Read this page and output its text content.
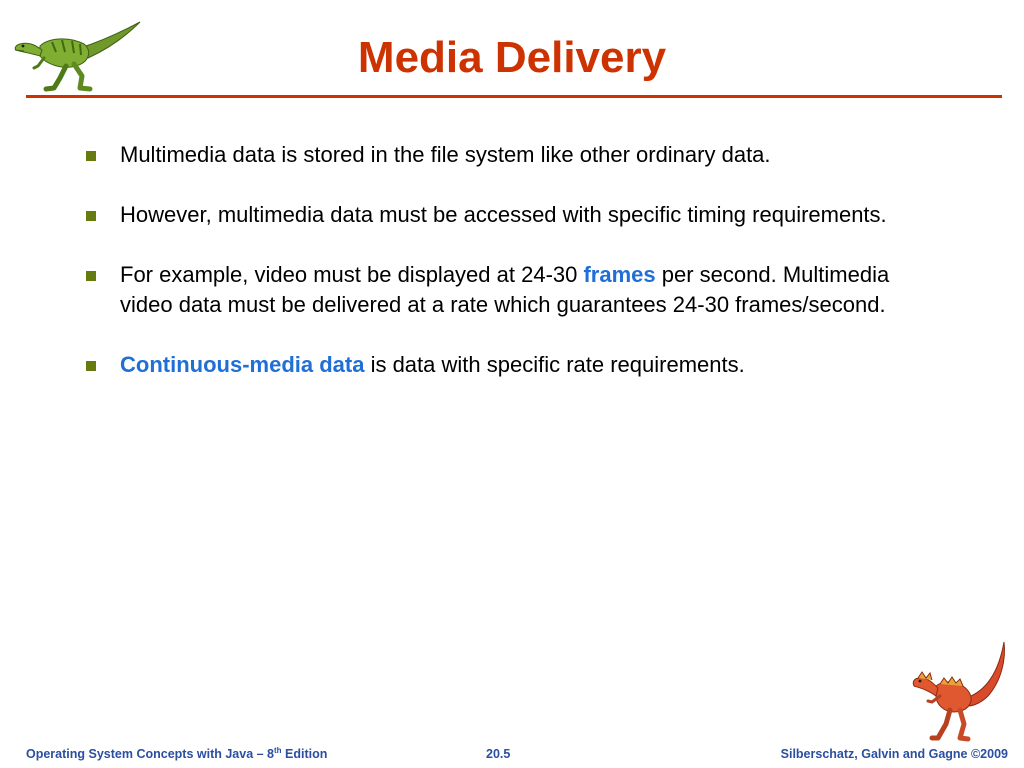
Media Delivery
Multimedia data is stored in the file system like other ordinary data.
However, multimedia data must be accessed with specific timing requirements.
For example, video must be displayed at 24-30 frames per second. Multimedia video data must be delivered at a rate which guarantees 24-30 frames/second.
Continuous-media data is data with specific rate requirements.
Operating System Concepts with Java – 8th Edition	20.5	Silberschatz, Galvin and Gagne ©2009
